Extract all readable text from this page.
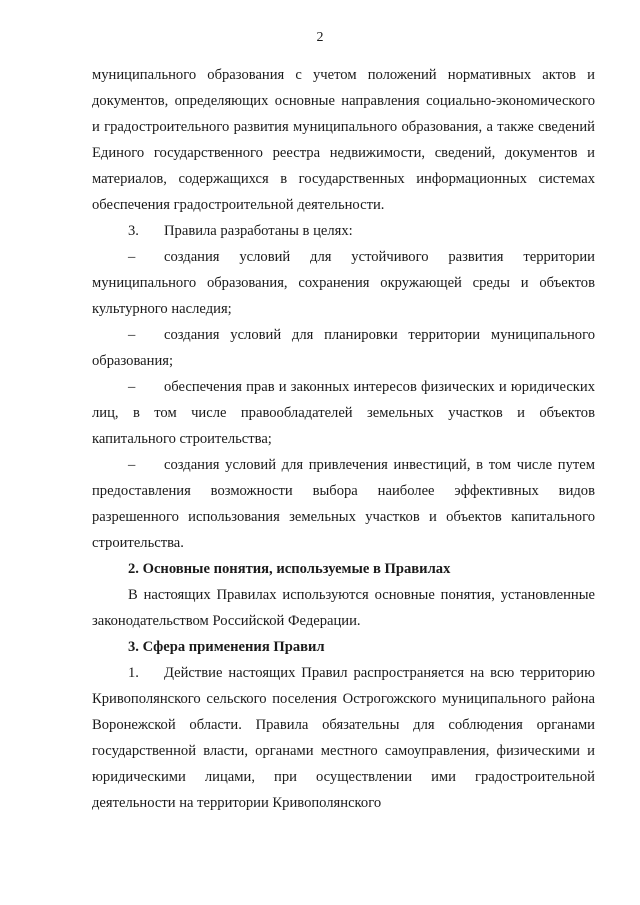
2

муниципального образования с учетом положений нормативных актов и документов, определяющих основные направления социально-экономического и градостроительного развития муниципального образования, а также сведений Единого государственного реестра недвижимости, сведений, документов и материалов, содержащихся в государственных информационных системах обеспечения градостроительной деятельности.

3. Правила разработаны в целях:

– создания условий для устойчивого развития территории муниципального образования, сохранения окружающей среды и объектов культурного наследия;

– создания условий для планировки территории муниципального образования;

– обеспечения прав и законных интересов физических и юридических лиц, в том числе правообладателей земельных участков и объектов капитального строительства;

– создания условий для привлечения инвестиций, в том числе путем предоставления возможности выбора наиболее эффективных видов разрешенного использования земельных участков и объектов капитального строительства.

2. Основные понятия, используемые в Правилах

В настоящих Правилах используются основные понятия, установленные законодательством Российской Федерации.

3. Сфера применения Правил

1. Действие настоящих Правил распространяется на всю территорию Кривополянского сельского поселения Острогожского муниципального района Воронежской области. Правила обязательны для соблюдения органами государственной власти, органами местного самоуправления, физическими и юридическими лицами, при осуществлении ими градостроительной деятельности на территории Кривополянского
